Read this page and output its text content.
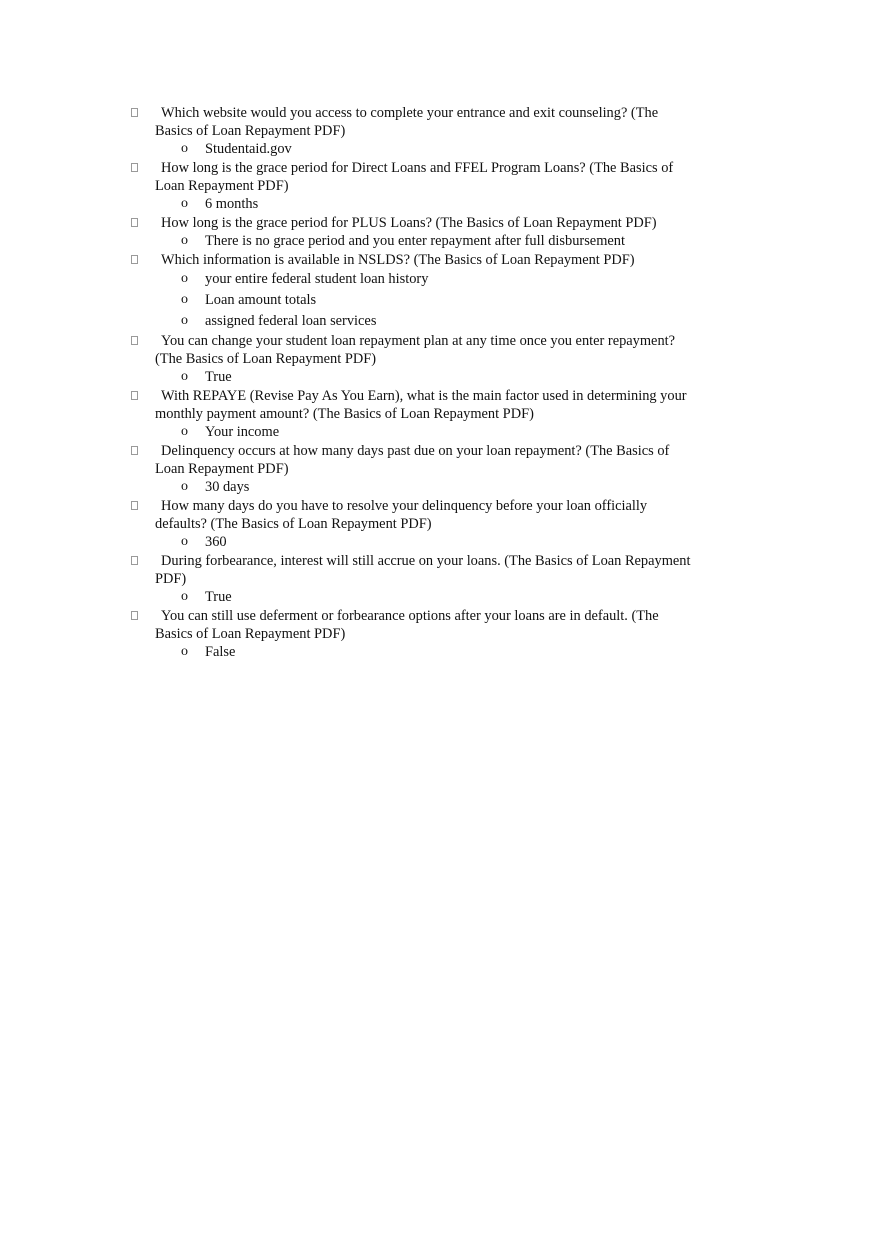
Which website would you access to complete your entrance and exit counseling? (The Basics of Loan Repayment PDF)
o Studentaid.gov
How long is the grace period for Direct Loans and FFEL Program Loans? (The Basics of Loan Repayment PDF)
o 6 months
How long is the grace period for PLUS Loans? (The Basics of Loan Repayment PDF)
o There is no grace period and you enter repayment after full disbursement
Which information is available in NSLDS? (The Basics of Loan Repayment PDF)
o your entire federal student loan history
o Loan amount totals
o assigned federal loan services
You can change your student loan repayment plan at any time once you enter repayment? (The Basics of Loan Repayment PDF)
o True
With REPAYE (Revise Pay As You Earn), what is the main factor used in determining your monthly payment amount? (The Basics of Loan Repayment PDF)
o Your income
Delinquency occurs at how many days past due on your loan repayment? (The Basics of Loan Repayment PDF)
o 30 days
How many days do you have to resolve your delinquency before your loan officially defaults? (The Basics of Loan Repayment PDF)
o 360
During forbearance, interest will still accrue on your loans. (The Basics of Loan Repayment PDF)
o True
You can still use deferment or forbearance options after your loans are in default. (The Basics of Loan Repayment PDF)
o False
